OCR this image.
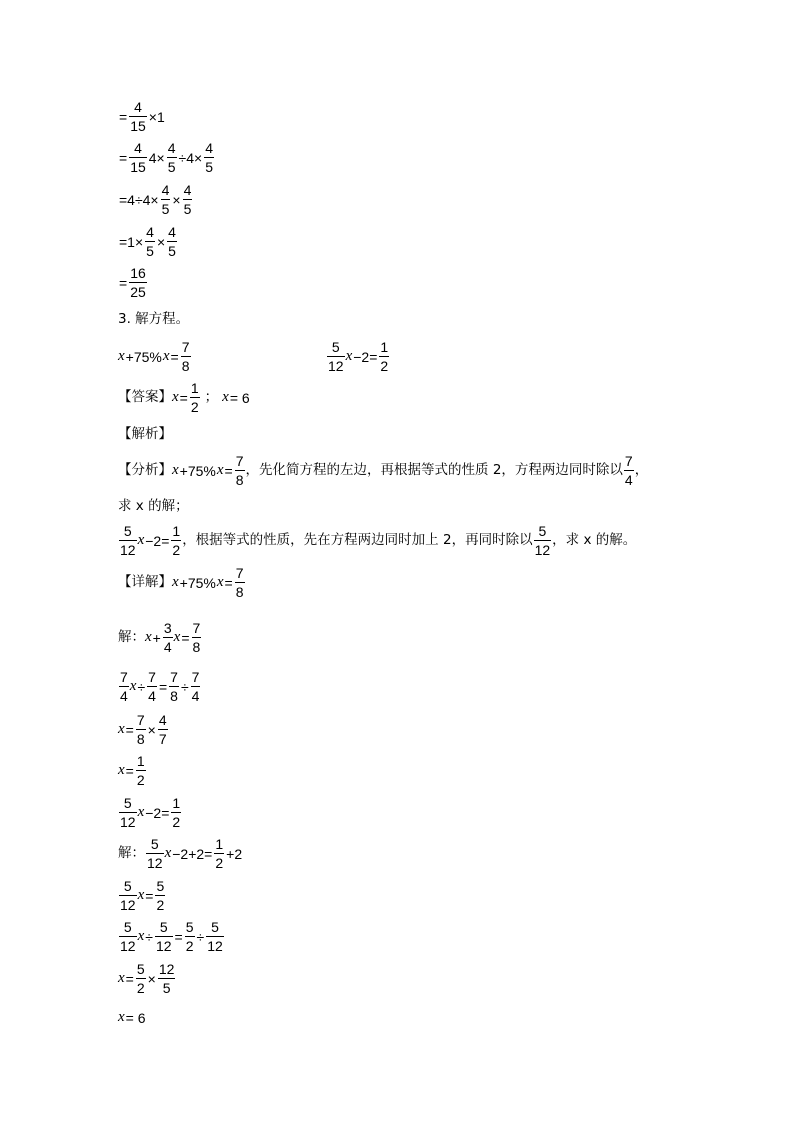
= $\frac{4}{15} \times 1$
= $\frac{4}{15} 4\times \frac{4}{5} \div 4\times \frac{4}{5}$
$=4\div 4\times \frac{4}{5} \times \frac{4}{5}$
$=1\times \frac{4}{5} \times \frac{4}{5}$
= $\frac{16}{25}$
3. 解方程。
x +75% $x = \frac{7}{8}$	$\frac{5}{12}$ $x -2= \frac{1}{2}$
【答案】 $x = \frac{1}{2}$ ； x = 6
【解析】
【分析】 x +75% $x = \frac{7}{8}$ ，先化简方程的左边，再根据等式的性质 2，方程两边同时除以 $\frac{7}{4}$ ，
求 x 的解；
$\frac{5}{12}$ $x -2= \frac{1}{2}$ ，根据等式的性质，先在方程两边同时加上 2，再同时除以 $\frac{5}{12}$ ，求 x 的解。
【详解】 x +75% $x = \frac{7}{8}$
解： $x + \frac{3}{4}$ $x = \frac{7}{8}$
$\frac{7}{4}$ $x \div \frac{7}{4} = \frac{7}{8} \div \frac{7}{4}$
$x = \frac{7}{8} \times \frac{4}{7}$
$x = \frac{1}{2}$
$\frac{5}{12}$ $x -2= \frac{1}{2}$
解： $\frac{5}{12}$ $x -2+2= \frac{1}{2} +2$
$\frac{5}{12}$ $x = \frac{5}{2}$
$\frac{5}{12}$ $x \div \frac{5}{12} = \frac{5}{2} \div \frac{5}{12}$
$x = \frac{5}{2} \times \frac{12}{5}$
x = 6
